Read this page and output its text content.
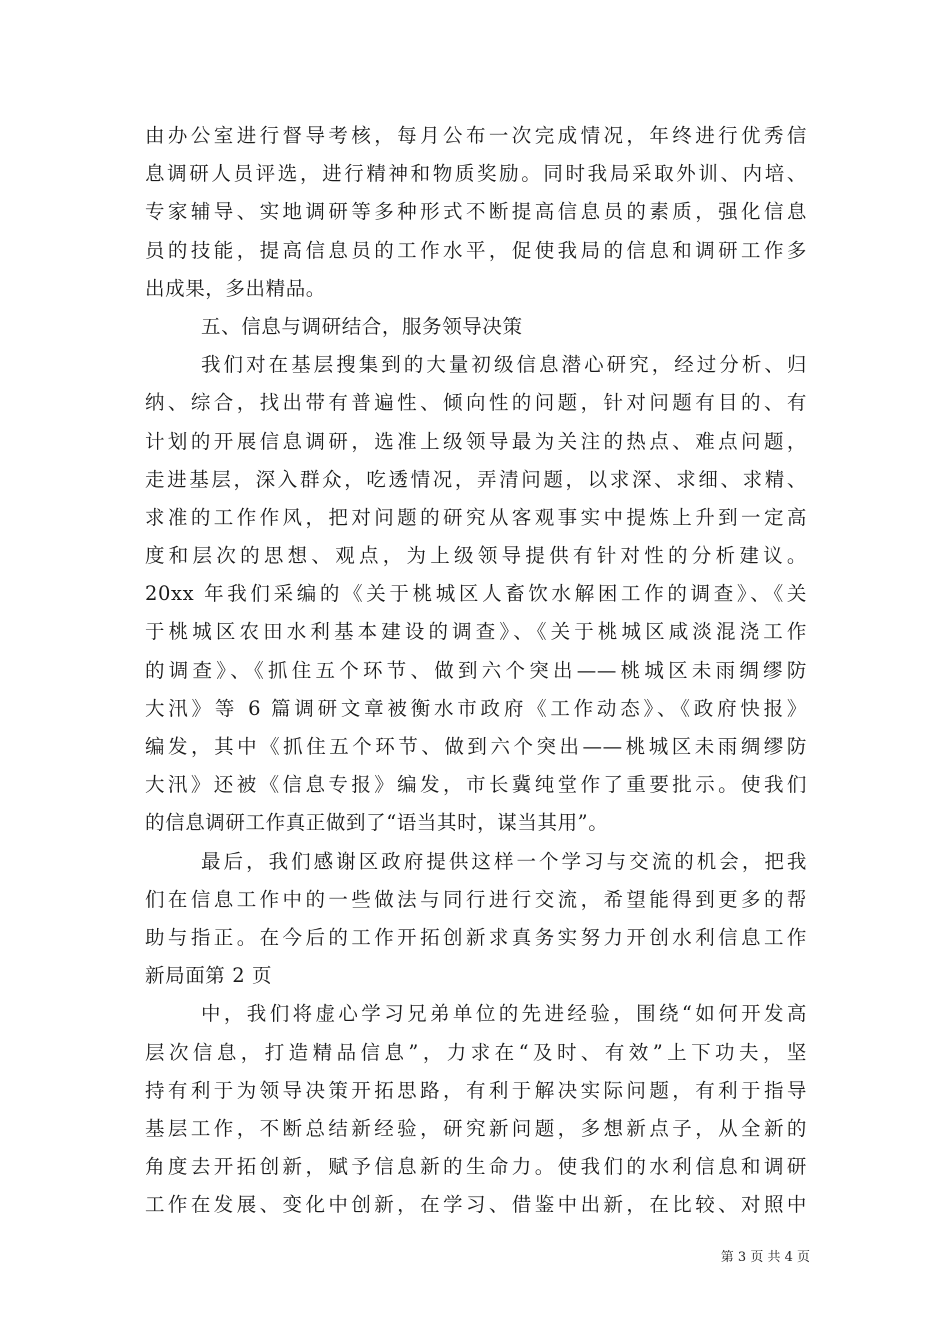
由办公室进行督导考核，每月公布一次完成情况，年终进行优秀信
息调研人员评选，进行精神和物质奖励。同时我局采取外训、内培、
专家辅导、实地调研等多种形式不断提高信息员的素质，强化信息
员的技能，提高信息员的工作水平，促使我局的信息和调研工作多
出成果，多出精品。
五、信息与调研结合，服务领导决策
我们对在基层搜集到的大量初级信息潜心研究，经过分析、归
纳、综合，找出带有普遍性、倾向性的问题，针对问题有目的、有
计划的开展信息调研，选准上级领导最为关注的热点、难点问题，
走进基层，深入群众，吃透情况，弄清问题，以求深、求细、求精、
求准的工作作风，把对问题的研究从客观事实中提炼上升到一定高
度和层次的思想、观点，为上级领导提供有针对性的分析建议。
20xx 年我们采编的《关于桃城区人畜饮水解困工作的调查》、《关
于桃城区农田水利基本建设的调查》、《关于桃城区咸淡混浇工作
的调查》、《抓住五个环节、做到六个突出——桃城区未雨绸缪防
大汛》等 6 篇调研文章被衡水市政府《工作动态》、《政府快报》
编发，其中《抓住五个环节、做到六个突出——桃城区未雨绸缪防
大汛》还被《信息专报》编发，市长冀纯堂作了重要批示。使我们
的信息调研工作真正做到了“语当其时，谋当其用”。
最后，我们感谢区政府提供这样一个学习与交流的机会，把我
们在信息工作中的一些做法与同行进行交流，希望能得到更多的帮
助与指正。在今后的工作开拓创新求真务实努力开创水利信息工作
新局面第 2 页
中，我们将虚心学习兄弟单位的先进经验，围绕“如何开发高
层次信息，打造精品信息”，力求在“及时、有效”上下功夫，坚
持有利于为领导决策开拓思路，有利于解决实际问题，有利于指导
基层工作，不断总结新经验，研究新问题，多想新点子，从全新的
角度去开拓创新，赋予信息新的生命力。使我们的水利信息和调研
工作在发展、变化中创新，在学习、借鉴中出新，在比较、对照中
第 3 页 共 4 页
